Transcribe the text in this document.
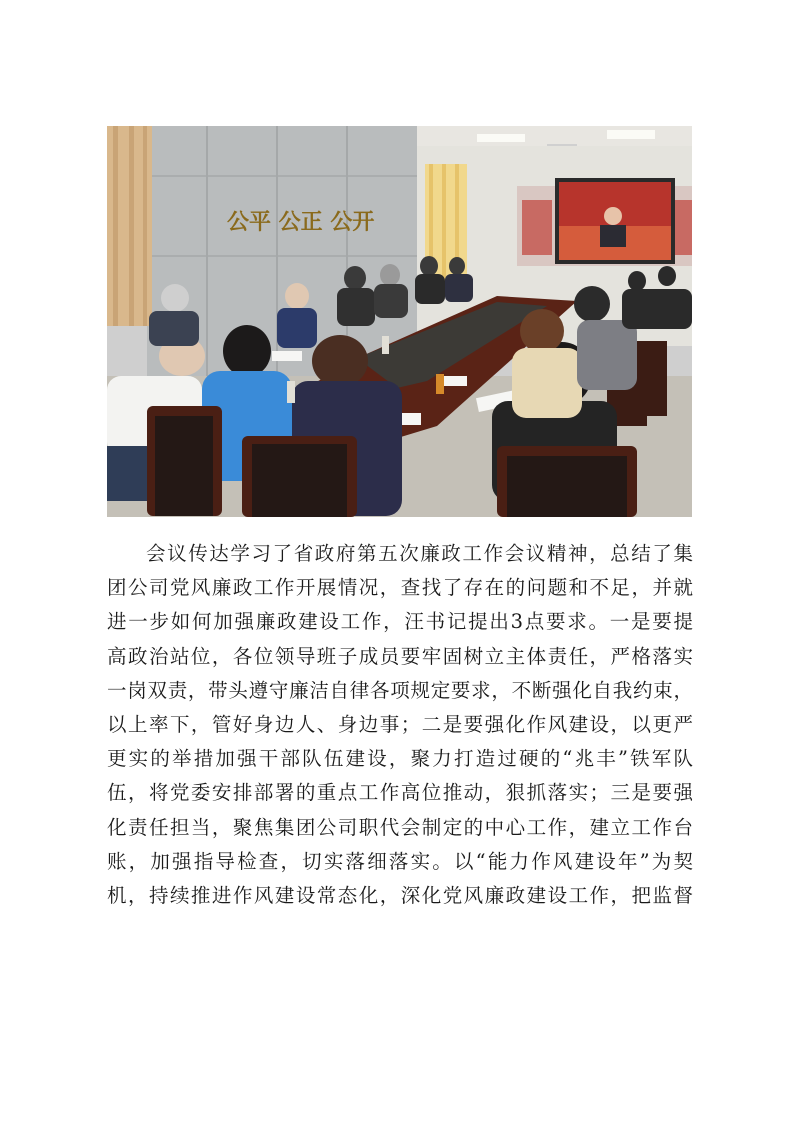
公平 公正 公开
会议传达学习了省政府第五次廉政工作会议精神，总结了集
团公司党风廉政工作开展情况，查找了存在的问题和不足，并就
进一步如何加强廉政建设工作，汪书记提出3点要求。一是要提
高政治站位，各位领导班子成员要牢固树立主体责任，严格落实
一岗双责，带头遵守廉洁自律各项规定要求，不断强化自我约束，
以上率下，管好身边人、身边事；二是要强化作风建设，以更严
更实的举措加强干部队伍建设，聚力打造过硬的“兆丰”铁军队
伍，将党委安排部署的重点工作高位推动，狠抓落实；三是要强
化责任担当，聚焦集团公司职代会制定的中心工作，建立工作台
账，加强指导检查，切实落细落实。以“能力作风建设年”为契
机，持续推进作风建设常态化，深化党风廉政建设工作，把监督
